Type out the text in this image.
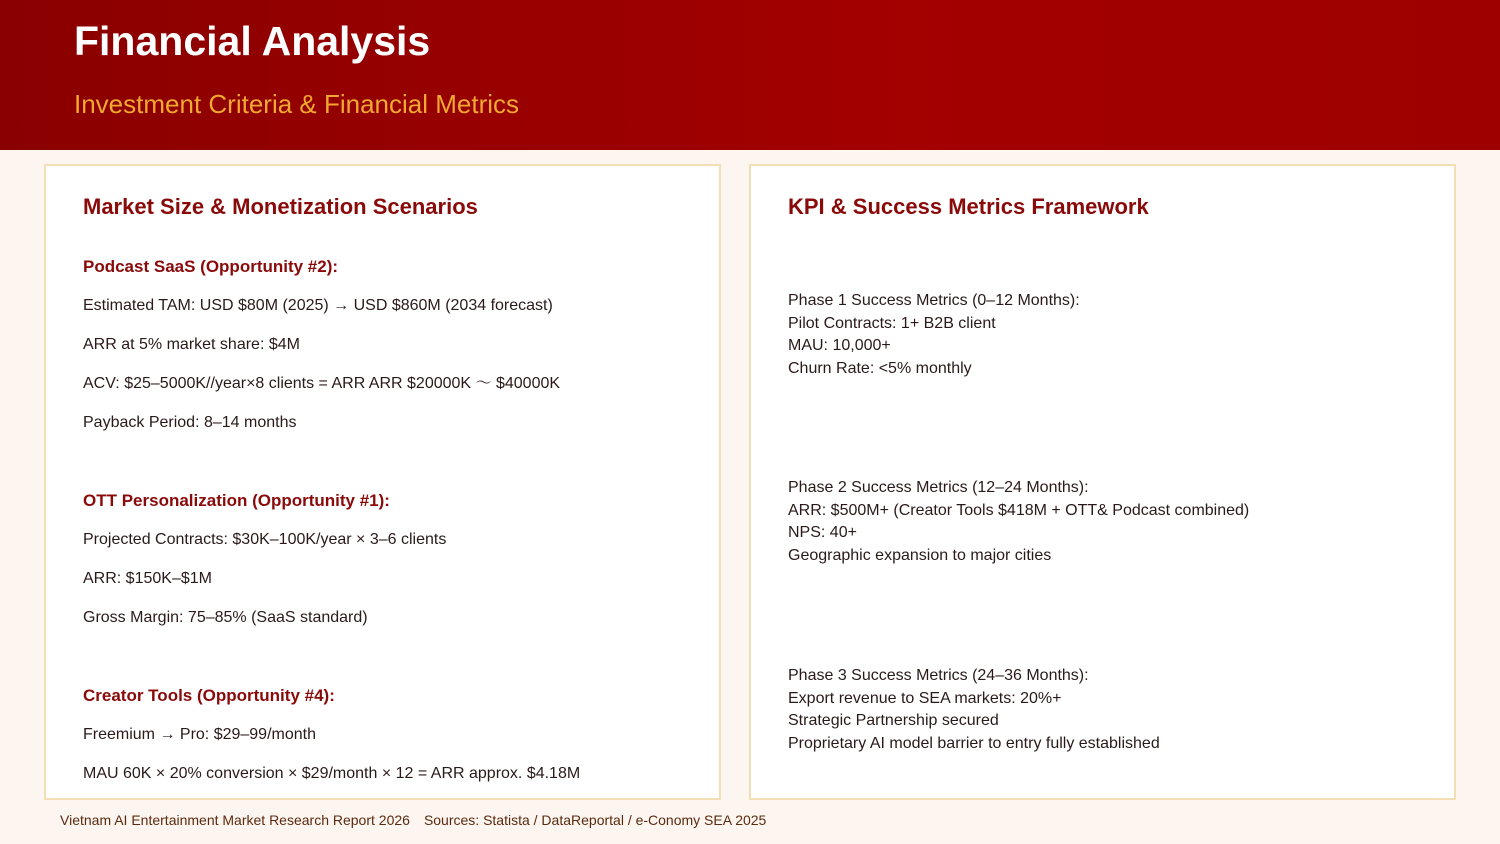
Financial Analysis
Investment Criteria & Financial Metrics
Market Size & Monetization Scenarios
Podcast SaaS (Opportunity #2):
Estimated TAM: USD $80M (2025) → USD $860M (2034 forecast)
ARR at 5% market share: $4M
ACV: $25–5000K//year×8 clients = ARR ARR $20000K 〜 $40000K
Payback Period: 8–14 months
OTT Personalization (Opportunity #1):
Projected Contracts: $30K–100K/year × 3–6 clients
ARR: $150K–$1M
Gross Margin: 75–85% (SaaS standard)
Creator Tools (Opportunity #4):
Freemium → Pro: $29–99/month
MAU 60K × 20% conversion × $29/month × 12 = ARR approx. $4.18M
KPI & Success Metrics Framework
Phase 1 Success Metrics (0–12 Months):
Pilot Contracts: 1+ B2B client
MAU: 10,000+
Churn Rate: <5% monthly
Phase 2 Success Metrics (12–24 Months):
ARR: $500M+ (Creator Tools $418M + OTT& Podcast combined)
NPS: 40+
Geographic expansion to major cities
Phase 3 Success Metrics (24–36 Months):
Export revenue to SEA markets: 20%+
Strategic Partnership secured
Proprietary AI model barrier to entry fully established
Vietnam AI Entertainment Market Research Report 2026 Sources: Statista / DataReportal / e-Conomy SEA 2025
